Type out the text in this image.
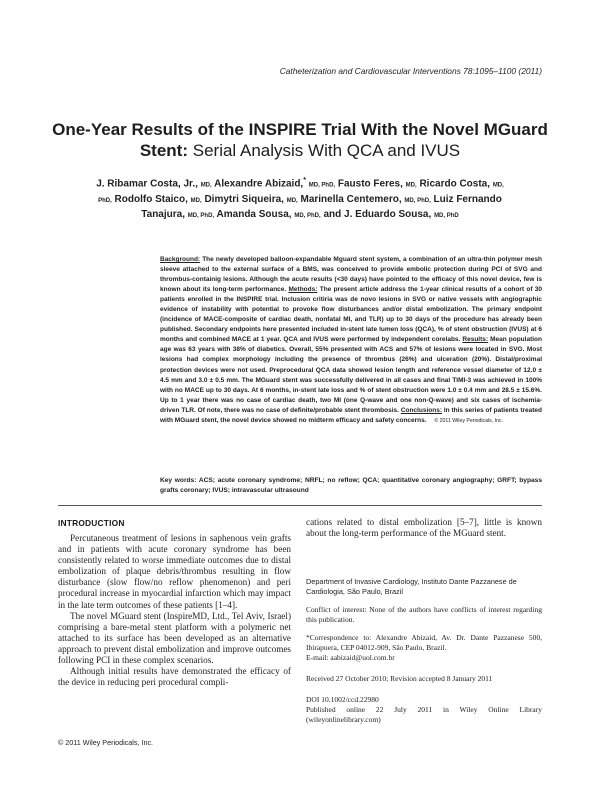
Catheterization and Cardiovascular Interventions 78:1095–1100 (2011)
One-Year Results of the INSPIRE Trial With the Novel MGuard Stent: Serial Analysis With QCA and IVUS
J. Ribamar Costa, Jr., MD, Alexandre Abizaid,* MD, PhD, Fausto Feres, MD, Ricardo Costa, MD, PhD, Rodolfo Staico, MD, Dimytri Siqueira, MD, Marinella Centemero, MD, PhD, Luiz Fernando Tanajura, MD, PhD, Amanda Sousa, MD, PhD, and J. Eduardo Sousa, MD, PhD
Background: The newly developed balloon-expandable Mguard stent system, a combination of an ultra-thin polymer mesh sleeve attached to the external surface of a BMS, was conceived to provide embolic protection during PCI of SVG and thrombus-containig lesions. Although the acute results (<30 days) have pointed to the efficacy of this novel device, few is known about its long-term performance. Methods: The present article address the 1-year clinical results of a cohort of 30 patients enrolled in the INSPIRE trial. Inclusion critiria was de novo lesions in SVG or native vessels with angiographic evidence of instability with potential to provoke flow disturbances and/or distal embolization. The primary endpoint (incidence of MACE-composite of cardiac death, nonfatal MI, and TLR) up to 30 days of the procedure has already been published. Secondary endpoints here presented included in-stent late lumen loss (QCA), % of stent obstruction (IVUS) at 6 months and combined MACE at 1 year. QCA and IVUS were performed by independent corelabs. Results: Mean population age was 63 years with 38% of diabetics. Overall, 55% presented with ACS and 57% of lesions were located in SVG. Most lesions had complex morphology including the presence of thrombus (26%) and ulceration (20%). Distal/proximal protection devices were not used. Preprocedural QCA data showed lesion length and reference vessel diameter of 12.0 ± 4.5 mm and 3.0 ± 0.5 mm. The MGuard stent was successfully delivered in all cases and final TIMI-3 was achieved in 100% with no MACE up to 30 days. At 6 months, in-stent late loss and % of stent obstruction were 1.0 ± 0.4 mm and 28.5 ± 15.6%. Up to 1 year there was no case of cardiac death, two MI (one Q-wave and one non-Q-wave) and six cases of ischemia-driven TLR. Of note, there was no case of definite/probable stent thrombosis. Conclusions: In this series of patients treated with MGuard stent, the novel device showed no midterm efficacy and safety concerns. © 2011 Wiley Periodicals, Inc.
Key words: ACS; acute coronary syndrome; NRFL; no reflow; QCA; quantitative coronary angiography; GRFT; bypass grafts coronary; IVUS; intravascular ultrasound
INTRODUCTION

Percutaneous treatment of lesions in saphenous vein grafts and in patients with acute coronary syndrome has been consistently related to worse immediate outcomes due to distal embolization of plaque debris/thrombus resulting in flow disturbance (slow flow/no reflow phenomenon) and peri procedural increase in myocardial infarction which may impact in the late term outcomes of these patients [1–4].

The novel MGuard stent (InspireMD, Ltd., Tel Aviv, Israel) comprising a bare-metal stent platform with a polymeric net attached to its surface has been developed as an alternative approach to prevent distal embolization and improve outcomes following PCI in these complex scenarios.

Although initial results have demonstrated the efficacy of the device in reducing peri procedural compli-

cations related to distal embolization [5–7], little is known about the long-term performance of the MGuard stent.
Department of Invasive Cardiology, Instituto Dante Pazzanese de Cardiologia, São Paulo, Brazil
Conflict of interest: None of the authors have conflicts of interest regarding this publication.
*Correspondence to: Alexandre Abizaid, Av. Dr. Dante Pazzanese 500, Ibirapuera, CEP 04012-909, São Paulo, Brazil.
E-mail: aabizaid@uol.com.br
Received 27 October 2010; Revision accepted 8 January 2011
DOI 10.1002/ccd.22980
Published online 22 July 2011 in Wiley Online Library (wileyonlinelibrary.com)
© 2011 Wiley Periodicals, Inc.
